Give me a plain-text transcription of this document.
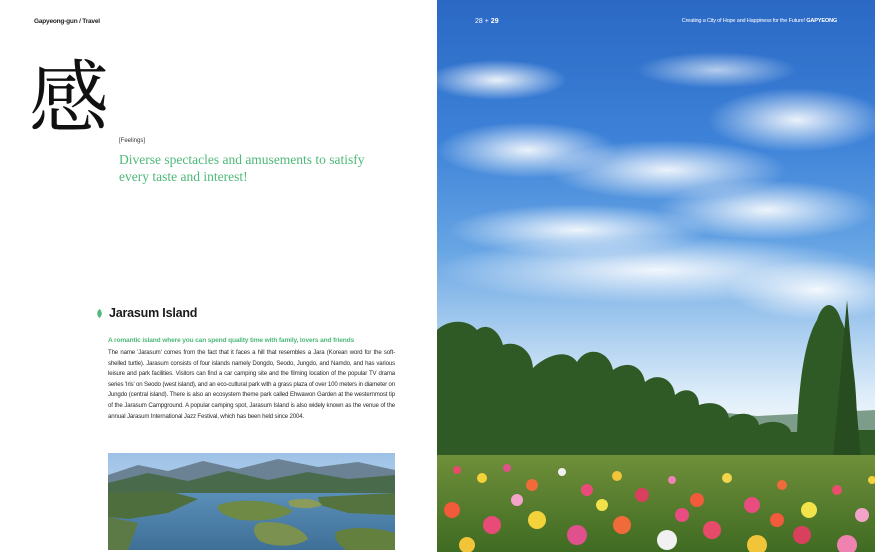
Gapyeong-gun / Travel
感 [Feelings]
Diverse spectacles and amusements to satisfy every taste and interest!
Jarasum Island
A romantic island where you can spend quality time with family, lovers and friends
The name 'Jarasum' comes from the fact that it faces a hill that resembles a Jara (Korean word for the soft-shelled turtle). Jarasum consists of four islands namely Dongdo, Seodo, Jungdo, and Namdo, and has various leisure and park facilities. Visitors can find a car camping site and the filming location of the popular TV drama series 'Iris' on Seodo (west island), and an eco-cultural park with a grass plaza of over 100 meters in diameter on Jungdo (central island). There is also an ecosystem theme park called Ehwawon Garden at the westernmost tip of the Jarasum Campground. A popular camping spot, Jarasum Island is also widely known as the venue of the annual Jarasum International Jazz Festival, which has been held since 2004.
28 + 29	Creating a City of Hope and Happiness for the Future! GAPYEONG
